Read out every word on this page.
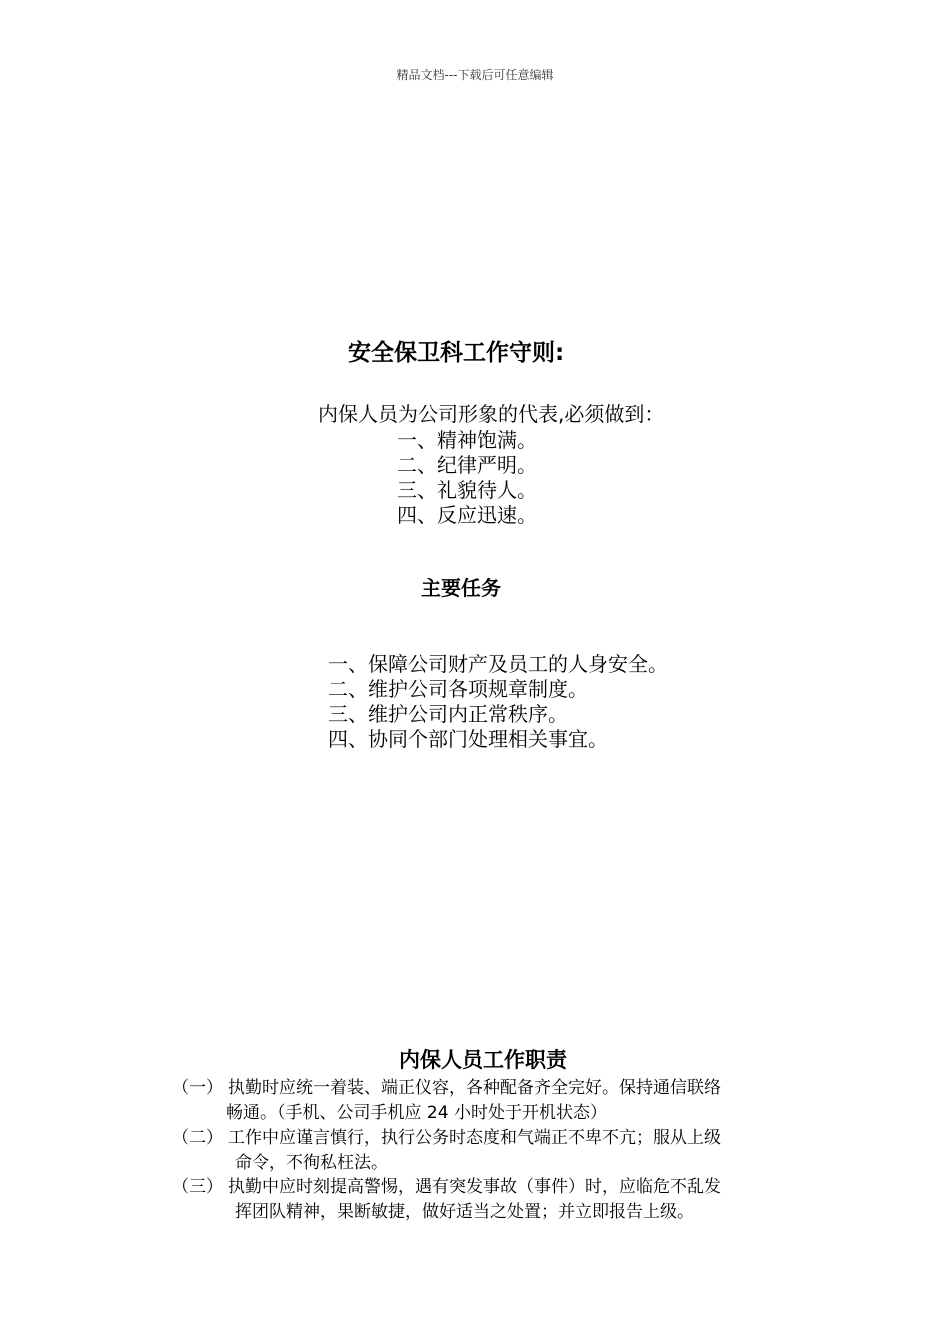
精品文档---下载后可任意编辑
安全保卫科工作守则:
内保人员为公司形象的代表,必须做到：
一、精神饱满。
二、纪律严明。
三、礼貌待人。
四、反应迅速。
主要任务
一、保障公司财产及员工的人身安全。
二、维护公司各项规章制度。
三、维护公司内正常秩序。
四、协同个部门处理相关事宜。
内保人员工作职责
（一） 执勤时应统一着装、端正仪容，各种配备齐全完好。保持通信联络
畅通。（手机、公司手机应 24 小时处于开机状态）
（二） 工作中应谨言慎行，执行公务时态度和气端正不卑不亢；服从上级
命令，不徇私枉法。
（三） 执勤中应时刻提高警惕，遇有突发事故（事件）时，应临危不乱发
挥团队精神，果断敏捷，做好适当之处置；并立即报告上级。
